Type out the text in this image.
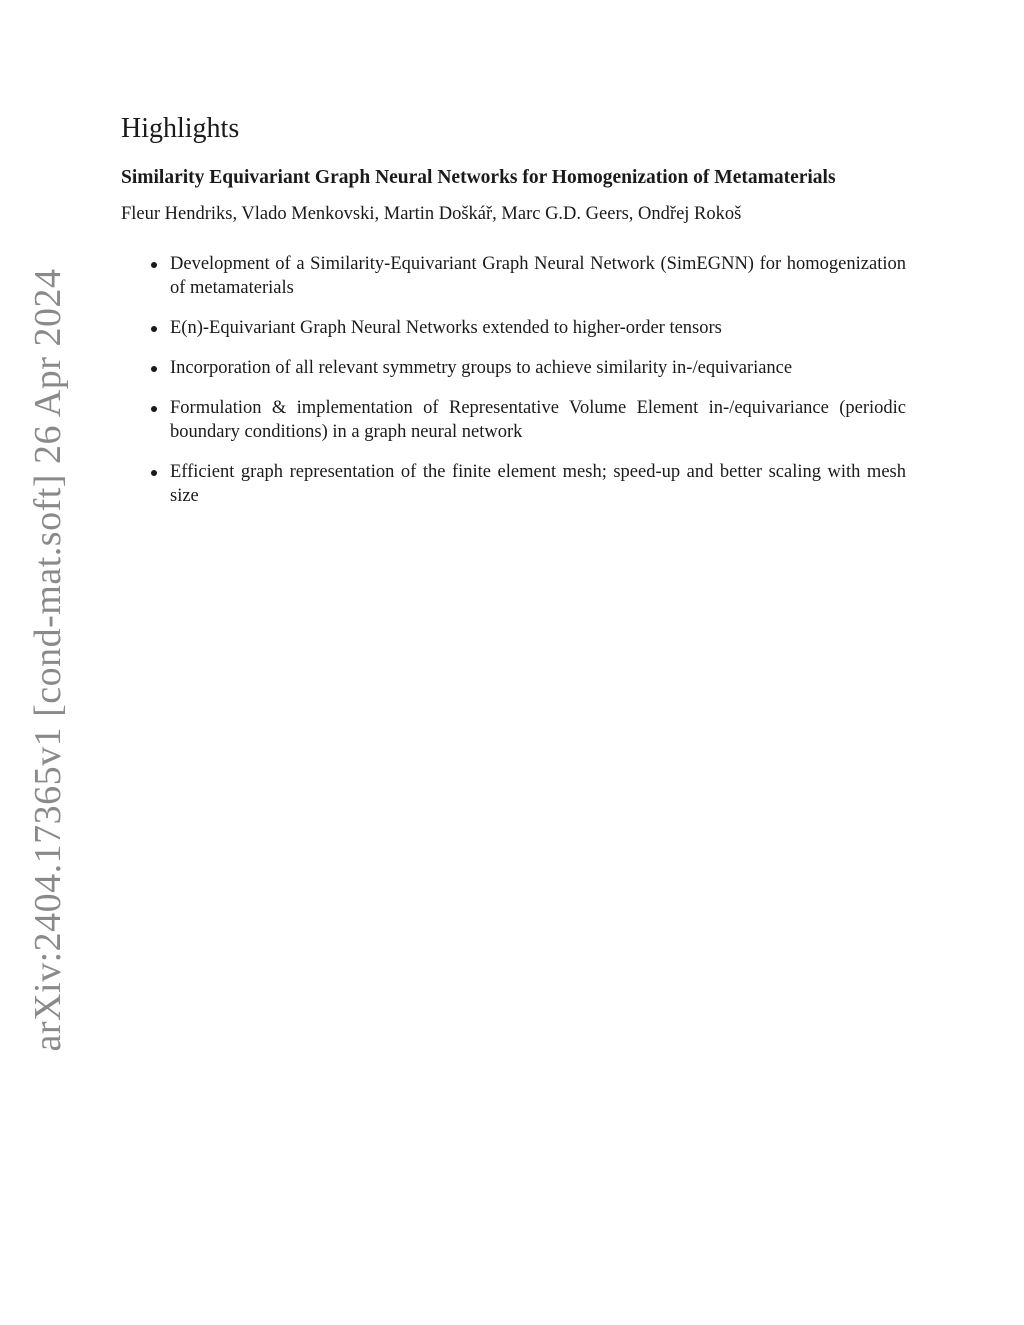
arXiv:2404.17365v1 [cond-mat.soft] 26 Apr 2024
Highlights
Similarity Equivariant Graph Neural Networks for Homogenization of Metamaterials
Fleur Hendriks, Vlado Menkovski, Martin Doškář, Marc G.D. Geers, Ondřej Rokoš
Development of a Similarity-Equivariant Graph Neural Network (SimEGNN) for homogenization of metamaterials
E(n)-Equivariant Graph Neural Networks extended to higher-order tensors
Incorporation of all relevant symmetry groups to achieve similarity in-/equivariance
Formulation & implementation of Representative Volume Element in-/equivariance (periodic boundary conditions) in a graph neural network
Efficient graph representation of the finite element mesh; speed-up and better scaling with mesh size
